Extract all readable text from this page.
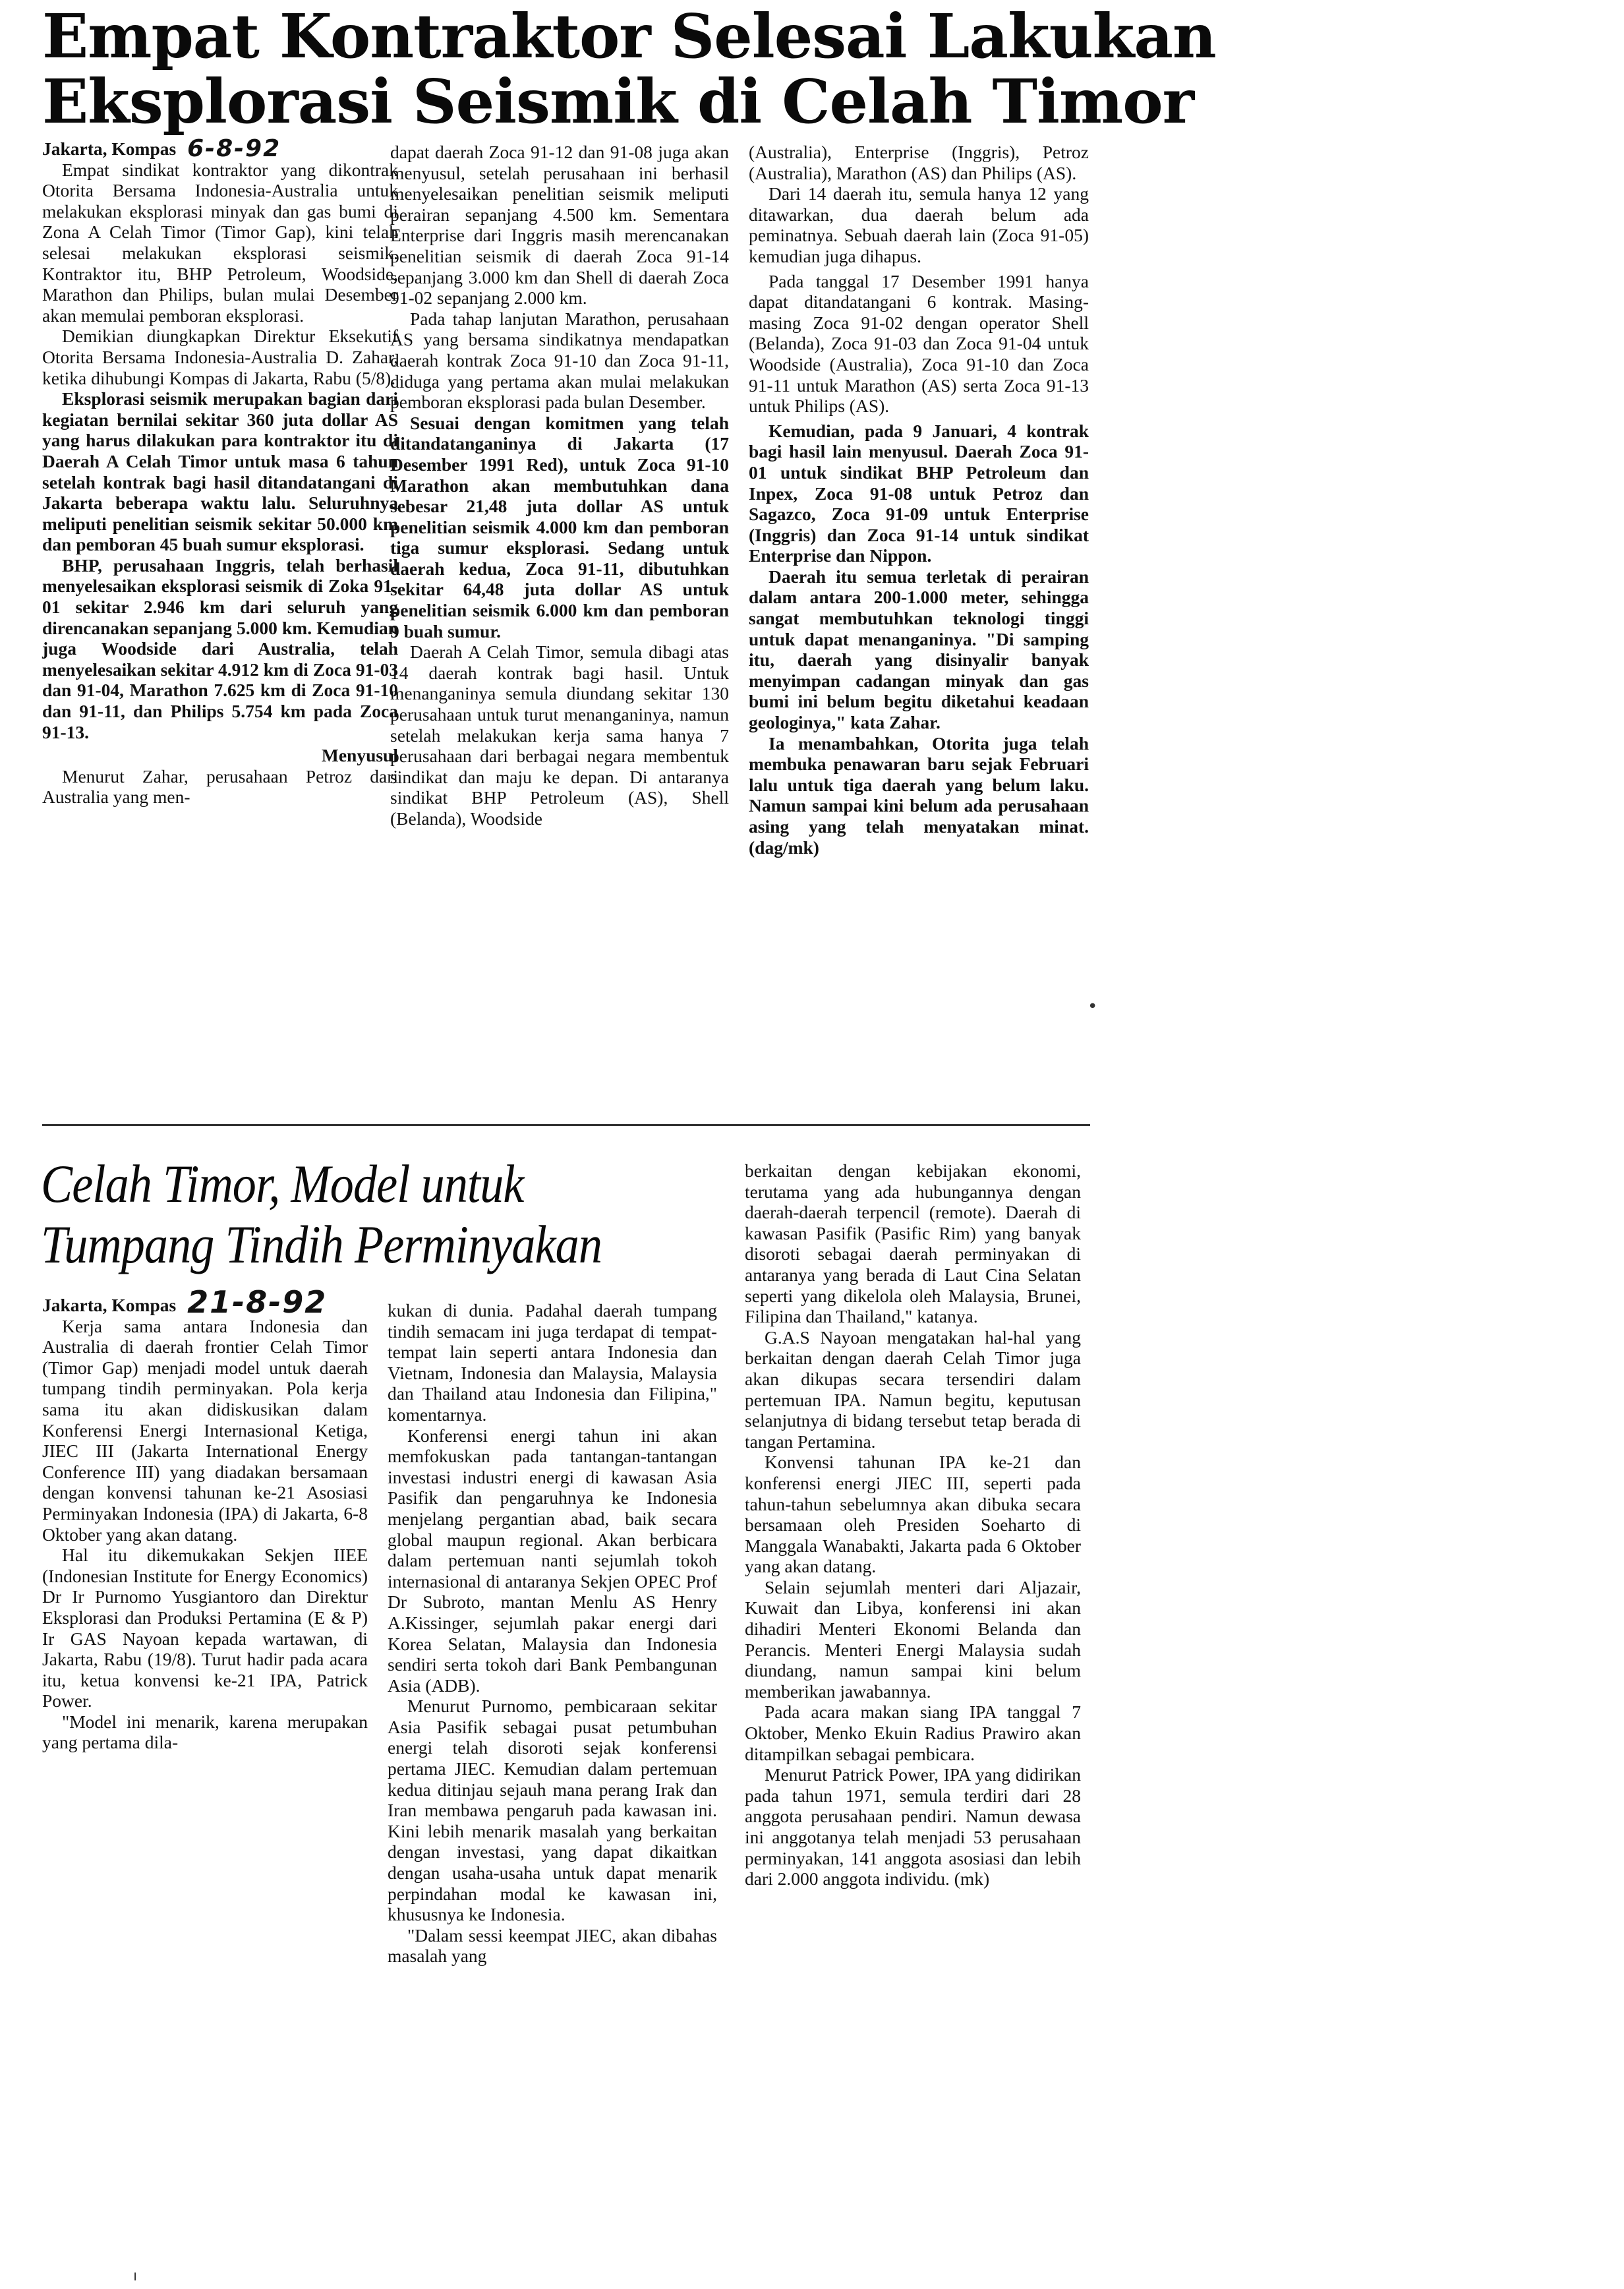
Empat Kontraktor Selesai Lakukan
Eksplorasi Seismik di Celah Timor

Jakarta, Kompas 6-8-92

Empat sindikat kontraktor yang dikontrak Otorita Bersama Indonesia-Australia untuk melakukan eksplorasi minyak dan gas bumi di Zona A Celah Timor (Timor Gap), kini telah selesai melakukan eksplorasi seismik. Kontraktor itu, BHP Petroleum, Woodside, Marathon dan Philips, bulan mulai Desember akan memulai pemboran eksplorasi.

Demikian diungkapkan Direktur Eksekutif Otorita Bersama Indonesia-Australia D. Zahar, ketika dihubungi Kompas di Jakarta, Rabu (5/8).

Eksplorasi seismik merupakan bagian dari kegiatan bernilai sekitar 360 juta dollar AS yang harus dilakukan para kontraktor itu di Daerah A Celah Timor untuk masa 6 tahun setelah kontrak bagi hasil ditandatangani di Jakarta beberapa waktu lalu. Seluruhnya meliputi penelitian seismik sekitar 50.000 km dan pemboran 45 buah sumur eksplorasi.

BHP, perusahaan Inggris, telah berhasil menyelesaikan eksplorasi seismik di Zoka 91-01 sekitar 2.946 km dari seluruh yang direncanakan sepanjang 5.000 km. Kemudian juga Woodside dari Australia, telah menyelesaikan sekitar 4.912 km di Zoca 91-03 dan 91-04, Marathon 7.625 km di Zoca 91-10 dan 91-11, dan Philips 5.754 km pada Zoca 91-13.

Menyusul

Menurut Zahar, perusahaan Petroz dari Australia yang men-

dapat daerah Zoca 91-12 dan 91-08 juga akan menyusul, setelah perusahaan ini berhasil menyelesaikan penelitian seismik meliputi perairan sepanjang 4.500 km. Sementara Enterprise dari Inggris masih merencanakan penelitian seismik di daerah Zoca 91-14 sepanjang 3.000 km dan Shell di daerah Zoca 91-02 sepanjang 2.000 km.

Pada tahap lanjutan Marathon, perusahaan AS yang bersama sindikatnya mendapatkan daerah kontrak Zoca 91-10 dan Zoca 91-11, diduga yang pertama akan mulai melakukan pemboran eksplorasi pada bulan Desember.

Sesuai dengan komitmen yang telah ditandatanganinya di Jakarta (17 Desember 1991 Red), untuk Zoca 91-10 Marathon akan membutuhkan dana sebesar 21,48 juta dollar AS untuk penelitian seismik 4.000 km dan pemboran tiga sumur eksplorasi. Sedang untuk daerah kedua, Zoca 91-11, dibutuhkan sekitar 64,48 juta dollar AS untuk penelitian seismik 6.000 km dan pemboran 9 buah sumur.

Daerah A Celah Timor, semula dibagi atas 14 daerah kontrak bagi hasil. Untuk menanganinya semula diundang sekitar 130 perusahaan untuk turut menanganinya, namun setelah melakukan kerja sama hanya 7 perusahaan dari berbagai negara membentuk sindikat dan maju ke depan. Di antaranya sindikat BHP Petroleum (AS), Shell (Belanda), Woodside

(Australia), Enterprise (Inggris), Petroz (Australia), Marathon (AS) dan Philips (AS).

Dari 14 daerah itu, semula hanya 12 yang ditawarkan, dua daerah belum ada peminatnya. Sebuah daerah lain (Zoca 91-05) kemudian juga dihapus.

Pada tanggal 17 Desember 1991 hanya dapat ditandatangani 6 kontrak. Masing-masing Zoca 91-02 dengan operator Shell (Belanda), Zoca 91-03 dan Zoca 91-04 untuk Woodside (Australia), Zoca 91-10 dan Zoca 91-11 untuk Marathon (AS) serta Zoca 91-13 untuk Philips (AS).

Kemudian, pada 9 Januari, 4 kontrak bagi hasil lain menyusul. Daerah Zoca 91-01 untuk sindikat BHP Petroleum dan Inpex, Zoca 91-08 untuk Petroz dan Sagazco, Zoca 91-09 untuk Enterprise (Inggris) dan Zoca 91-14 untuk sindikat Enterprise dan Nippon.

Daerah itu semua terletak di perairan dalam antara 200-1.000 meter, sehingga sangat membutuhkan teknologi tinggi untuk dapat menanganinya. "Di samping itu, daerah yang disinyalir banyak menyimpan cadangan minyak dan gas bumi ini belum begitu diketahui keadaan geologinya," kata Zahar.

Ia menambahkan, Otorita juga telah membuka penawaran baru sejak Februari lalu untuk tiga daerah yang belum laku. Namun sampai kini belum ada perusahaan asing yang telah menyatakan minat. (dag/mk)

Celah Timor, Model untuk
Tumpang Tindih Perminyakan

berkaitan dengan kebijakan ekonomi, terutama yang ada hubungannya dengan daerah-daerah terpencil (remote). Daerah di kawasan Pasifik (Pasific Rim) yang banyak disoroti sebagai daerah perminyakan di antaranya yang berada di Laut Cina Selatan seperti yang dikelola oleh Malaysia, Brunei, Filipina dan Thailand," katanya.

G.A.S Nayoan mengatakan hal-hal yang berkaitan dengan daerah Celah Timor juga akan dikupas secara tersendiri dalam pertemuan IPA. Namun begitu, keputusan selanjutnya di bidang tersebut tetap berada di tangan Pertamina.

Konvensi tahunan IPA ke-21 dan konferensi energi JIEC III, seperti pada tahun-tahun sebelumnya akan dibuka secara bersamaan oleh Presiden Soeharto di Manggala Wanabakti, Jakarta pada 6 Oktober yang akan datang.

Selain sejumlah menteri dari Aljazair, Kuwait dan Libya, konferensi ini akan dihadiri Menteri Ekonomi Belanda dan Perancis. Menteri Energi Malaysia sudah diundang, namun sampai kini belum memberikan jawabannya.

Pada acara makan siang IPA tanggal 7 Oktober, Menko Ekuin Radius Prawiro akan ditampilkan sebagai pembicara.

Menurut Patrick Power, IPA yang didirikan pada tahun 1971, semula terdiri dari 28 anggota perusahaan pendiri. Namun dewasa ini anggotanya telah menjadi 53 perusahaan perminyakan, 141 anggota asosiasi dan lebih dari 2.000 anggota individu. (mk)

Jakarta, Kompas 21-8-92

Kerja sama antara Indonesia dan Australia di daerah frontier Celah Timor (Timor Gap) menjadi model untuk daerah tumpang tindih perminyakan. Pola kerja sama itu akan didiskusikan dalam Konferensi Energi Internasional Ketiga, JIEC III (Jakarta International Energy Conference III) yang diadakan bersamaan dengan konvensi tahunan ke-21 Asosiasi Perminyakan Indonesia (IPA) di Jakarta, 6-8 Oktober yang akan datang.

Hal itu dikemukakan Sekjen IIEE (Indonesian Institute for Energy Economics) Dr Ir Purnomo Yusgiantoro dan Direktur Eksplorasi dan Produksi Pertamina (E & P) Ir GAS Nayoan kepada wartawan, di Jakarta, Rabu (19/8). Turut hadir pada acara itu, ketua konvensi ke-21 IPA, Patrick Power.

"Model ini menarik, karena merupakan yang pertama dila-

kukan di dunia. Padahal daerah tumpang tindih semacam ini juga terdapat di tempat-tempat lain seperti antara Indonesia dan Vietnam, Indonesia dan Malaysia, Malaysia dan Thailand atau Indonesia dan Filipina," komentarnya.

Konferensi energi tahun ini akan memfokuskan pada tantangan-tantangan investasi industri energi di kawasan Asia Pasifik dan pengaruhnya ke Indonesia menjelang pergantian abad, baik secara global maupun regional. Akan berbicara dalam pertemuan nanti sejumlah tokoh internasional di antaranya Sekjen OPEC Prof Dr Subroto, mantan Menlu AS Henry A.Kissinger, sejumlah pakar energi dari Korea Selatan, Malaysia dan Indonesia sendiri serta tokoh dari Bank Pembangunan Asia (ADB).

Menurut Purnomo, pembicaraan sekitar Asia Pasifik sebagai pusat petumbuhan energi telah disoroti sejak konferensi pertama JIEC. Kemudian dalam pertemuan kedua ditinjau sejauh mana perang Irak dan Iran membawa pengaruh pada kawasan ini. Kini lebih menarik masalah yang berkaitan dengan investasi, yang dapat dikaitkan dengan usaha-usaha untuk dapat menarik perpindahan modal ke kawasan ini, khususnya ke Indonesia.

"Dalam sessi keempat JIEC, akan dibahas masalah yang

•
ı
